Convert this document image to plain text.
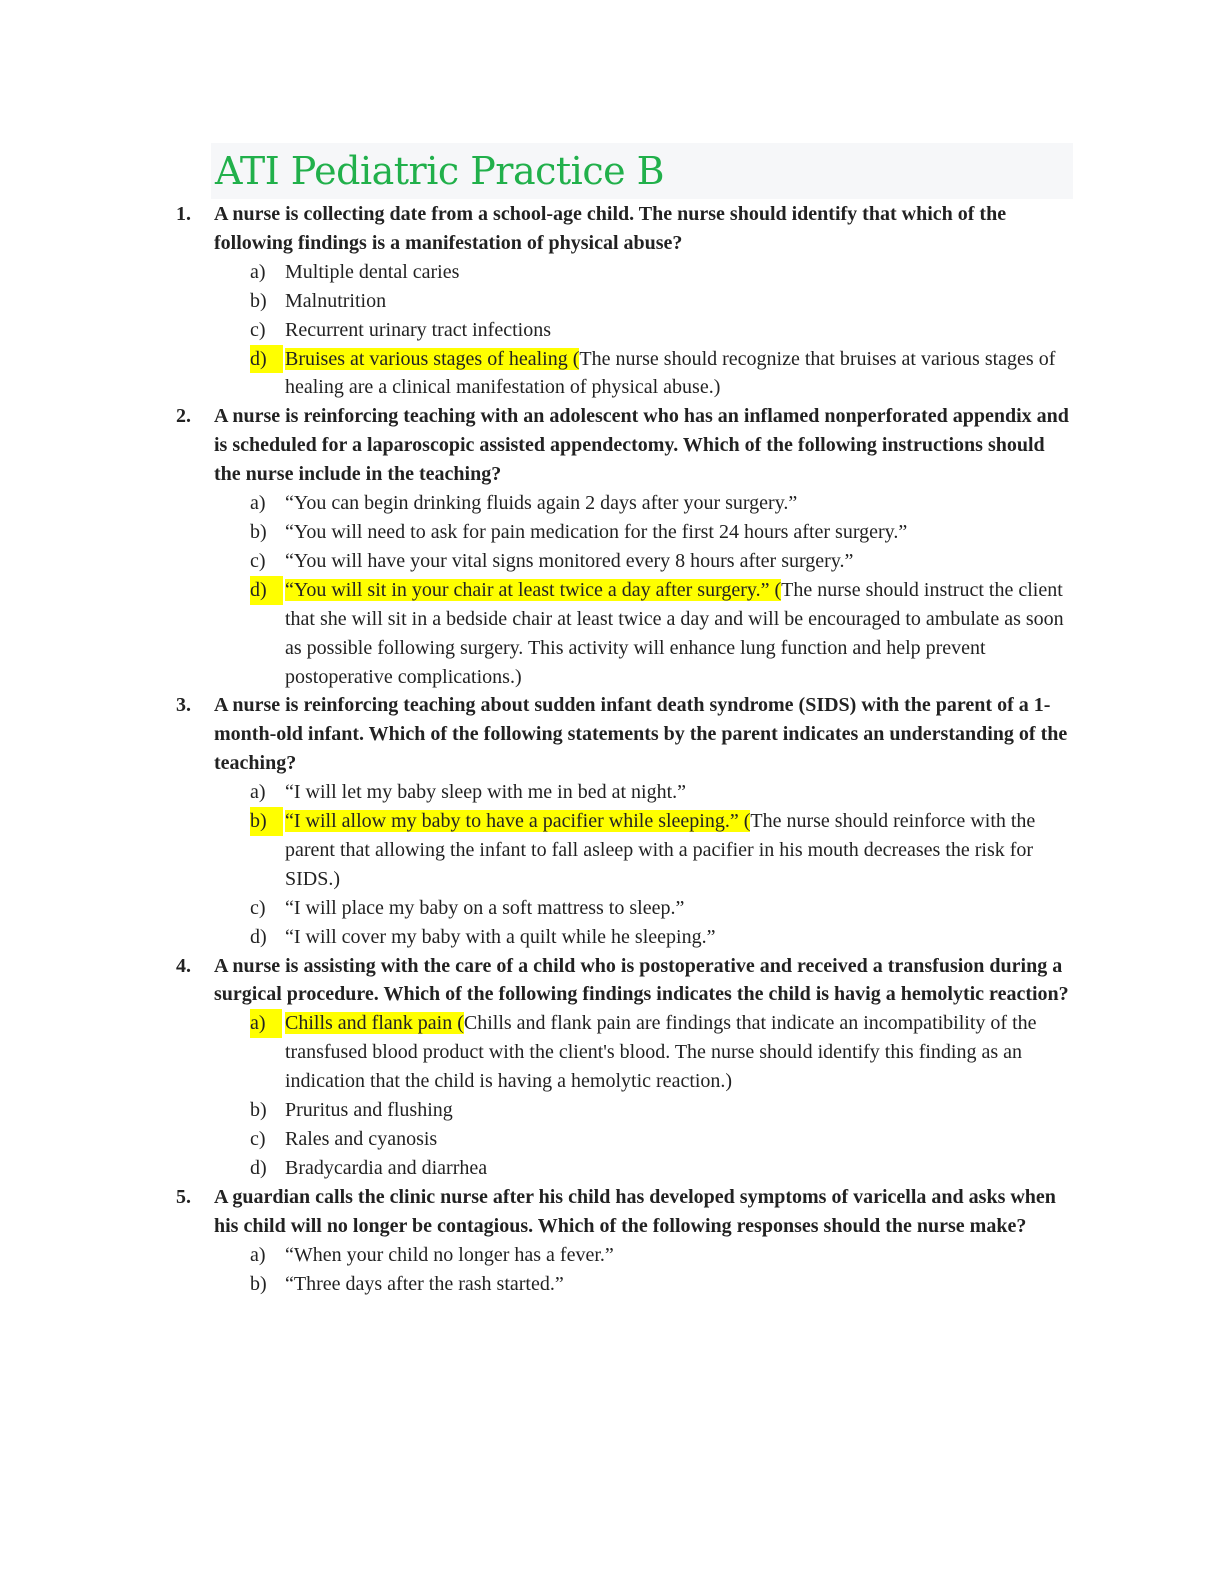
ATI Pediatric Practice B
1. A nurse is collecting date from a school-age child. The nurse should identify that which of the following findings is a manifestation of physical abuse?
a) Multiple dental caries
b) Malnutrition
c) Recurrent urinary tract infections
d) Bruises at various stages of healing (The nurse should recognize that bruises at various stages of healing are a clinical manifestation of physical abuse.)
2. A nurse is reinforcing teaching with an adolescent who has an inflamed nonperforated appendix and is scheduled for a laparoscopic assisted appendectomy. Which of the following instructions should the nurse include in the teaching?
a) “You can begin drinking fluids again 2 days after your surgery.”
b) “You will need to ask for pain medication for the first 24 hours after surgery.”
c) “You will have your vital signs monitored every 8 hours after surgery.”
d) “You will sit in your chair at least twice a day after surgery.” (The nurse should instruct the client that she will sit in a bedside chair at least twice a day and will be encouraged to ambulate as soon as possible following surgery. This activity will enhance lung function and help prevent postoperative complications.)
3. A nurse is reinforcing teaching about sudden infant death syndrome (SIDS) with the parent of a 1-month-old infant. Which of the following statements by the parent indicates an understanding of the teaching?
a) “I will let my baby sleep with me in bed at night.”
b) “I will allow my baby to have a pacifier while sleeping.” (The nurse should reinforce with the parent that allowing the infant to fall asleep with a pacifier in his mouth decreases the risk for SIDS.)
c) “I will place my baby on a soft mattress to sleep.”
d) “I will cover my baby with a quilt while he sleeping.”
4. A nurse is assisting with the care of a child who is postoperative and received a transfusion during a surgical procedure. Which of the following findings indicates the child is havig a hemolytic reaction?
a) Chills and flank pain (Chills and flank pain are findings that indicate an incompatibility of the transfused blood product with the client's blood. The nurse should identify this finding as an indication that the child is having a hemolytic reaction.)
b) Pruritus and flushing
c) Rales and cyanosis
d) Bradycardia and diarrhea
5. A guardian calls the clinic nurse after his child has developed symptoms of varicella and asks when his child will no longer be contagious. Which of the following responses should the nurse make?
a) “When your child no longer has a fever.”
b) “Three days after the rash started.”
